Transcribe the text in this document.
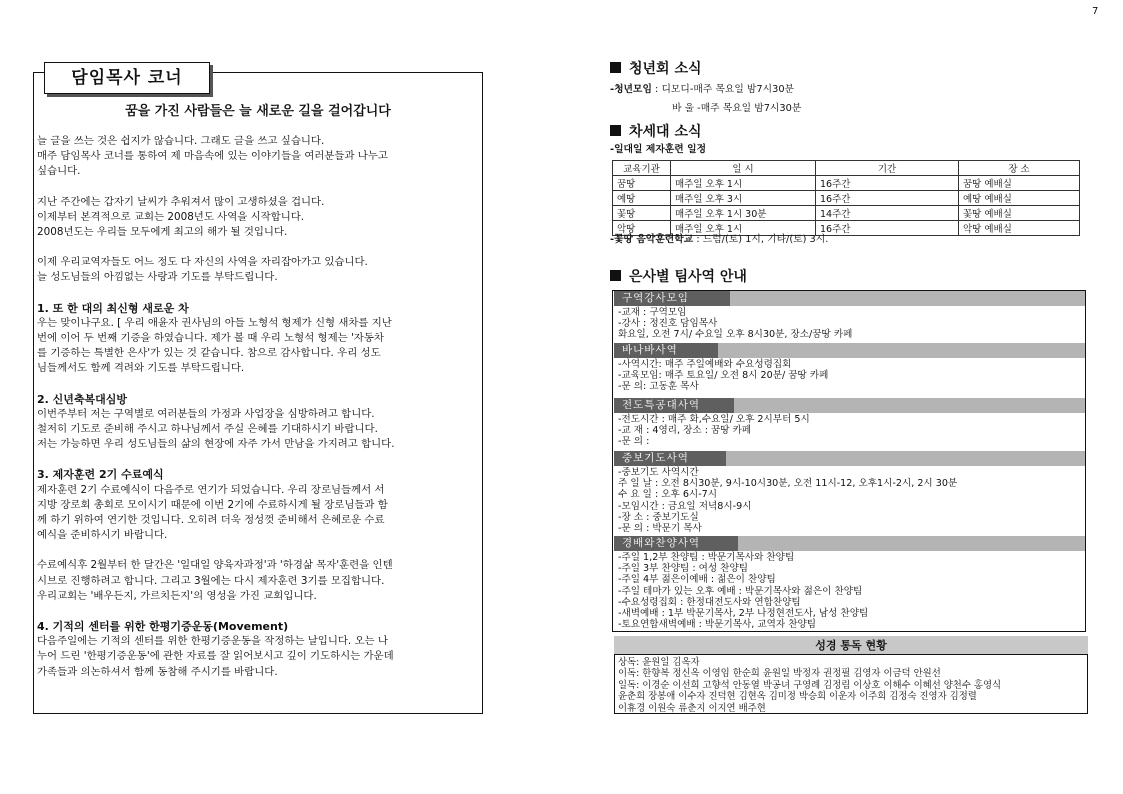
7
담임목사 코너
꿈을 가진 사람들은 늘 새로운 길을 걸어갑니다

늘 글을 쓰는 것은 쉽지가 않습니다. 그래도 글을 쓰고 싶습니다.

매주 담임목사 코너를 통하여 제 마음속에 있는 이야기들을 여러분들과 나누고

싶습니다.

지난 주간에는 갑자기 날씨가 추워져서 많이 고생하셨을 겁니다.

이제부터 본격적으로 교회는 2008년도 사역을 시작합니다.

2008년도는 우리들 모두에게 최고의 해가 될 것입니다.

이제 우리교역자들도 어느 정도 다 자신의 사역을 자리잡아가고 있습니다.

늘 성도님들의 아낌없는 사랑과 기도를 부탁드립니다.

1. 또 한 대의 최신형 새로운 차

우는 맞이나구요. [ 우리 애윤자 권사님의 아들 노형석 형제가 신형 새차를 지난

번에 이어 두 번째 기증을 하였습니다. 제가 볼 때 우리 노형석 형제는 '자동차

를 기증하는 특별한 은사'가 있는 것 같습니다. 참으로 감사합니다. 우리 성도

님들께서도 함께 격려와 기도를 부탁드립니다.

2. 신년축복대심방

이번주부터 저는 구역별로 여러분들의 가정과 사업장을 심방하려고 합니다.

철저히 기도로 준비해 주시고 하나님께서 주실 은혜를 기대하시기 바랍니다.

저는 가능하면 우리 성도님들의 삶의 현장에 자주 가서 만남을 가지려고 합니다.

3. 제자훈련 2기 수료예식

제자훈련 2기 수료예식이 다음주로 연기가 되었습니다. 우리 장로님들께서 서

지방 장로회 총회로 모이시기 때문에 이번 2기에 수료하시게 될 장로님들과 함

께 하기 위하여 연기한 것입니다. 오히려 더욱 정성껏 준비해서 은혜로운 수료

예식을 준비하시기 바랍니다.

수료예식후 2월부터 한 달간은 '일대일 양육자과정'과 '하경삶 목자'훈련을 인텐

시브로 진행하려고 합니다. 그리고 3월에는 다시 제자훈련 3기를 모집합니다.

우리교회는 '배우든지, 가르치든지'의 영성을 가진 교회입니다.

4. 기적의 센터를 위한 한평기증운동(Movement)

다음주일에는 기적의 센터를 위한 한평기증운동을 작정하는 날입니다. 오는 나

누어 드린 '한평기증운동'에 관한 자료를 잘 읽어보시고 깊이 기도하시는 가운데

가족들과 의논하셔서 함께 동참해 주시기를 바랍니다.

청년회 소식
-청년모임 : 디모디-매주 목요일 밤7시30분
바 울 -매주 목요일 밤7시30분
차세대 소식
-일대일 제자훈련 일정
교육기관	일 시	기간	장 소
꿈땅	매주일 오후 1시	16주간	꿈땅 예배실
예땅	매주일 오후 3시	16주간	예땅 예배실
꽃땅	매주일 오후 1시 30분	14주간	꽃땅 예배실
악땅	매주일 오후 1시	16주간	악땅 예배실
-꽃땅 음악훈련학교 : 드럼/(토) 1시, 기타/(토) 3시.
은사별 팀사역 안내
구역강사모임
-교재 : 구역모임
-강사 : 정진호 담임목사
화요일, 오전 7시/ 수요일 오후 8시30분, 장소/꿈땅 카페
바나바사역
-사역시간: 매주 주일예배와 수요성령집회
-교육모임: 매주 토요일/ 오전 8시 20분/ 꿈땅 카페
-문 의: 고동훈 목사
전도특공대사역
-전도시간 : 매주 화,수요일/ 오후 2시부터 5시
-교 재 : 4영리, 장소 : 꿈땅 카페
-문 의 :
중보기도사역
-중보기도 사역시간
주 일 날 : 오전 8시30분, 9시-10시30분, 오전 11시-12, 오후1시-2시, 2시 30분
수 요 일 : 오후 6시-7시
-모임시간 : 금요일 저녁8시-9시
-장 소 : 중보기도실
-문 의 : 박문기 목사
경배와찬양사역
-주일 1,2부 찬양팀 : 박문기목사와 찬양팀
-주일 3부 찬양팀 : 여성 찬양팀
-주일 4부 젊은이예배 : 젊은이 찬양팀
-주일 테마가 있는 오후 예배 : 박문기목사와 젊은이 찬양팀
-수요성령집회 : 한정대전도사와 연합찬양팀
-새벽예배 : 1부 박문기목사, 2부 나정현전도사, 남성 찬양팀
-토요연합새벽예배 : 박문기목사, 교역자 찬양팀
성경 통독 현황
상독: 윤원일 김옥자
이독: 한향복 정신옥 이영임 한순희 윤원일 박정자 권정필 김영자 이금덕 안원선
일독: 이경순 이선희 고향석 안동열 박공녀 구영례 김정림 이상호 이해수 이혜선 양천수 홍영식
윤춘희 장봉애 이수자 진덕현 김현옥 김미정 박승희 이운자 이주희 김정숙 진영자 김정렬
이휴경 이원숙 류춘지 이지연 배주현
